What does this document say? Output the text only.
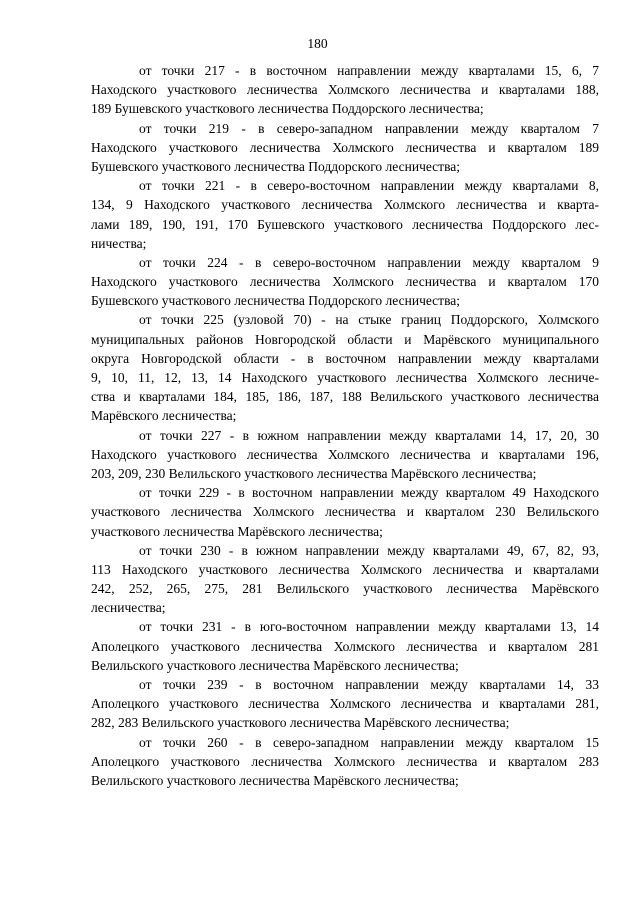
180

от точки 217 - в восточном направлении между кварталами 15, 6, 7
Находского участкового лесничества Холмского лесничества и кварталами 188,
189 Бушевского участкового лесничества Поддорского лесничества;

от точки 219 - в северо-западном направлении между кварталом 7
Находского участкового лесничества Холмского лесничества и кварталом 189
Бушевского участкового лесничества Поддорского лесничества;

от точки 221 - в северо-восточном направлении между кварталами 8,
134, 9 Находского участкового лесничества Холмского лесничества и кварта-
лами 189, 190, 191, 170 Бушевского участкового лесничества Поддорского лес-
ничества;

от точки 224 - в северо-восточном направлении между кварталом 9
Находского участкового лесничества Холмского лесничества и кварталом 170
Бушевского участкового лесничества Поддорского лесничества;

от точки 225 (узловой 70) - на стыке границ Поддорского, Холмского
муниципальных районов Новгородской области и Марёвского муниципального
округа Новгородской области - в восточном направлении между кварталами
9, 10, 11, 12, 13, 14 Находского участкового лесничества Холмского лесниче-
ства и кварталами 184, 185, 186, 187, 188 Велильского участкового лесничества
Марёвского лесничества;

от точки 227 - в южном направлении между кварталами 14, 17, 20, 30
Находского участкового лесничества Холмского лесничества и кварталами 196,
203, 209, 230 Велильского участкового лесничества Марёвского лесничества;

от точки 229 - в восточном направлении между кварталом 49 Находского
участкового лесничества Холмского лесничества и кварталом 230 Велильского
участкового лесничества Марёвского лесничества;

от точки 230 - в южном направлении между кварталами 49, 67, 82, 93,
113 Находского участкового лесничества Холмского лесничества и кварталами
242, 252, 265, 275, 281 Велильского участкового лесничества Марёвского
лесничества;

от точки 231 - в юго-восточном направлении между кварталами 13, 14
Аполецкого участкового лесничества Холмского лесничества и кварталом 281
Велильского участкового лесничества Марёвского лесничества;

от точки 239 - в восточном направлении между кварталами 14, 33
Аполецкого участкового лесничества Холмского лесничества и кварталами 281,
282, 283 Велильского участкового лесничества Марёвского лесничества;

от точки 260 - в северо-западном направлении между кварталом 15
Аполецкого участкового лесничества Холмского лесничества и кварталом 283
Велильского участкового лесничества Марёвского лесничества;
